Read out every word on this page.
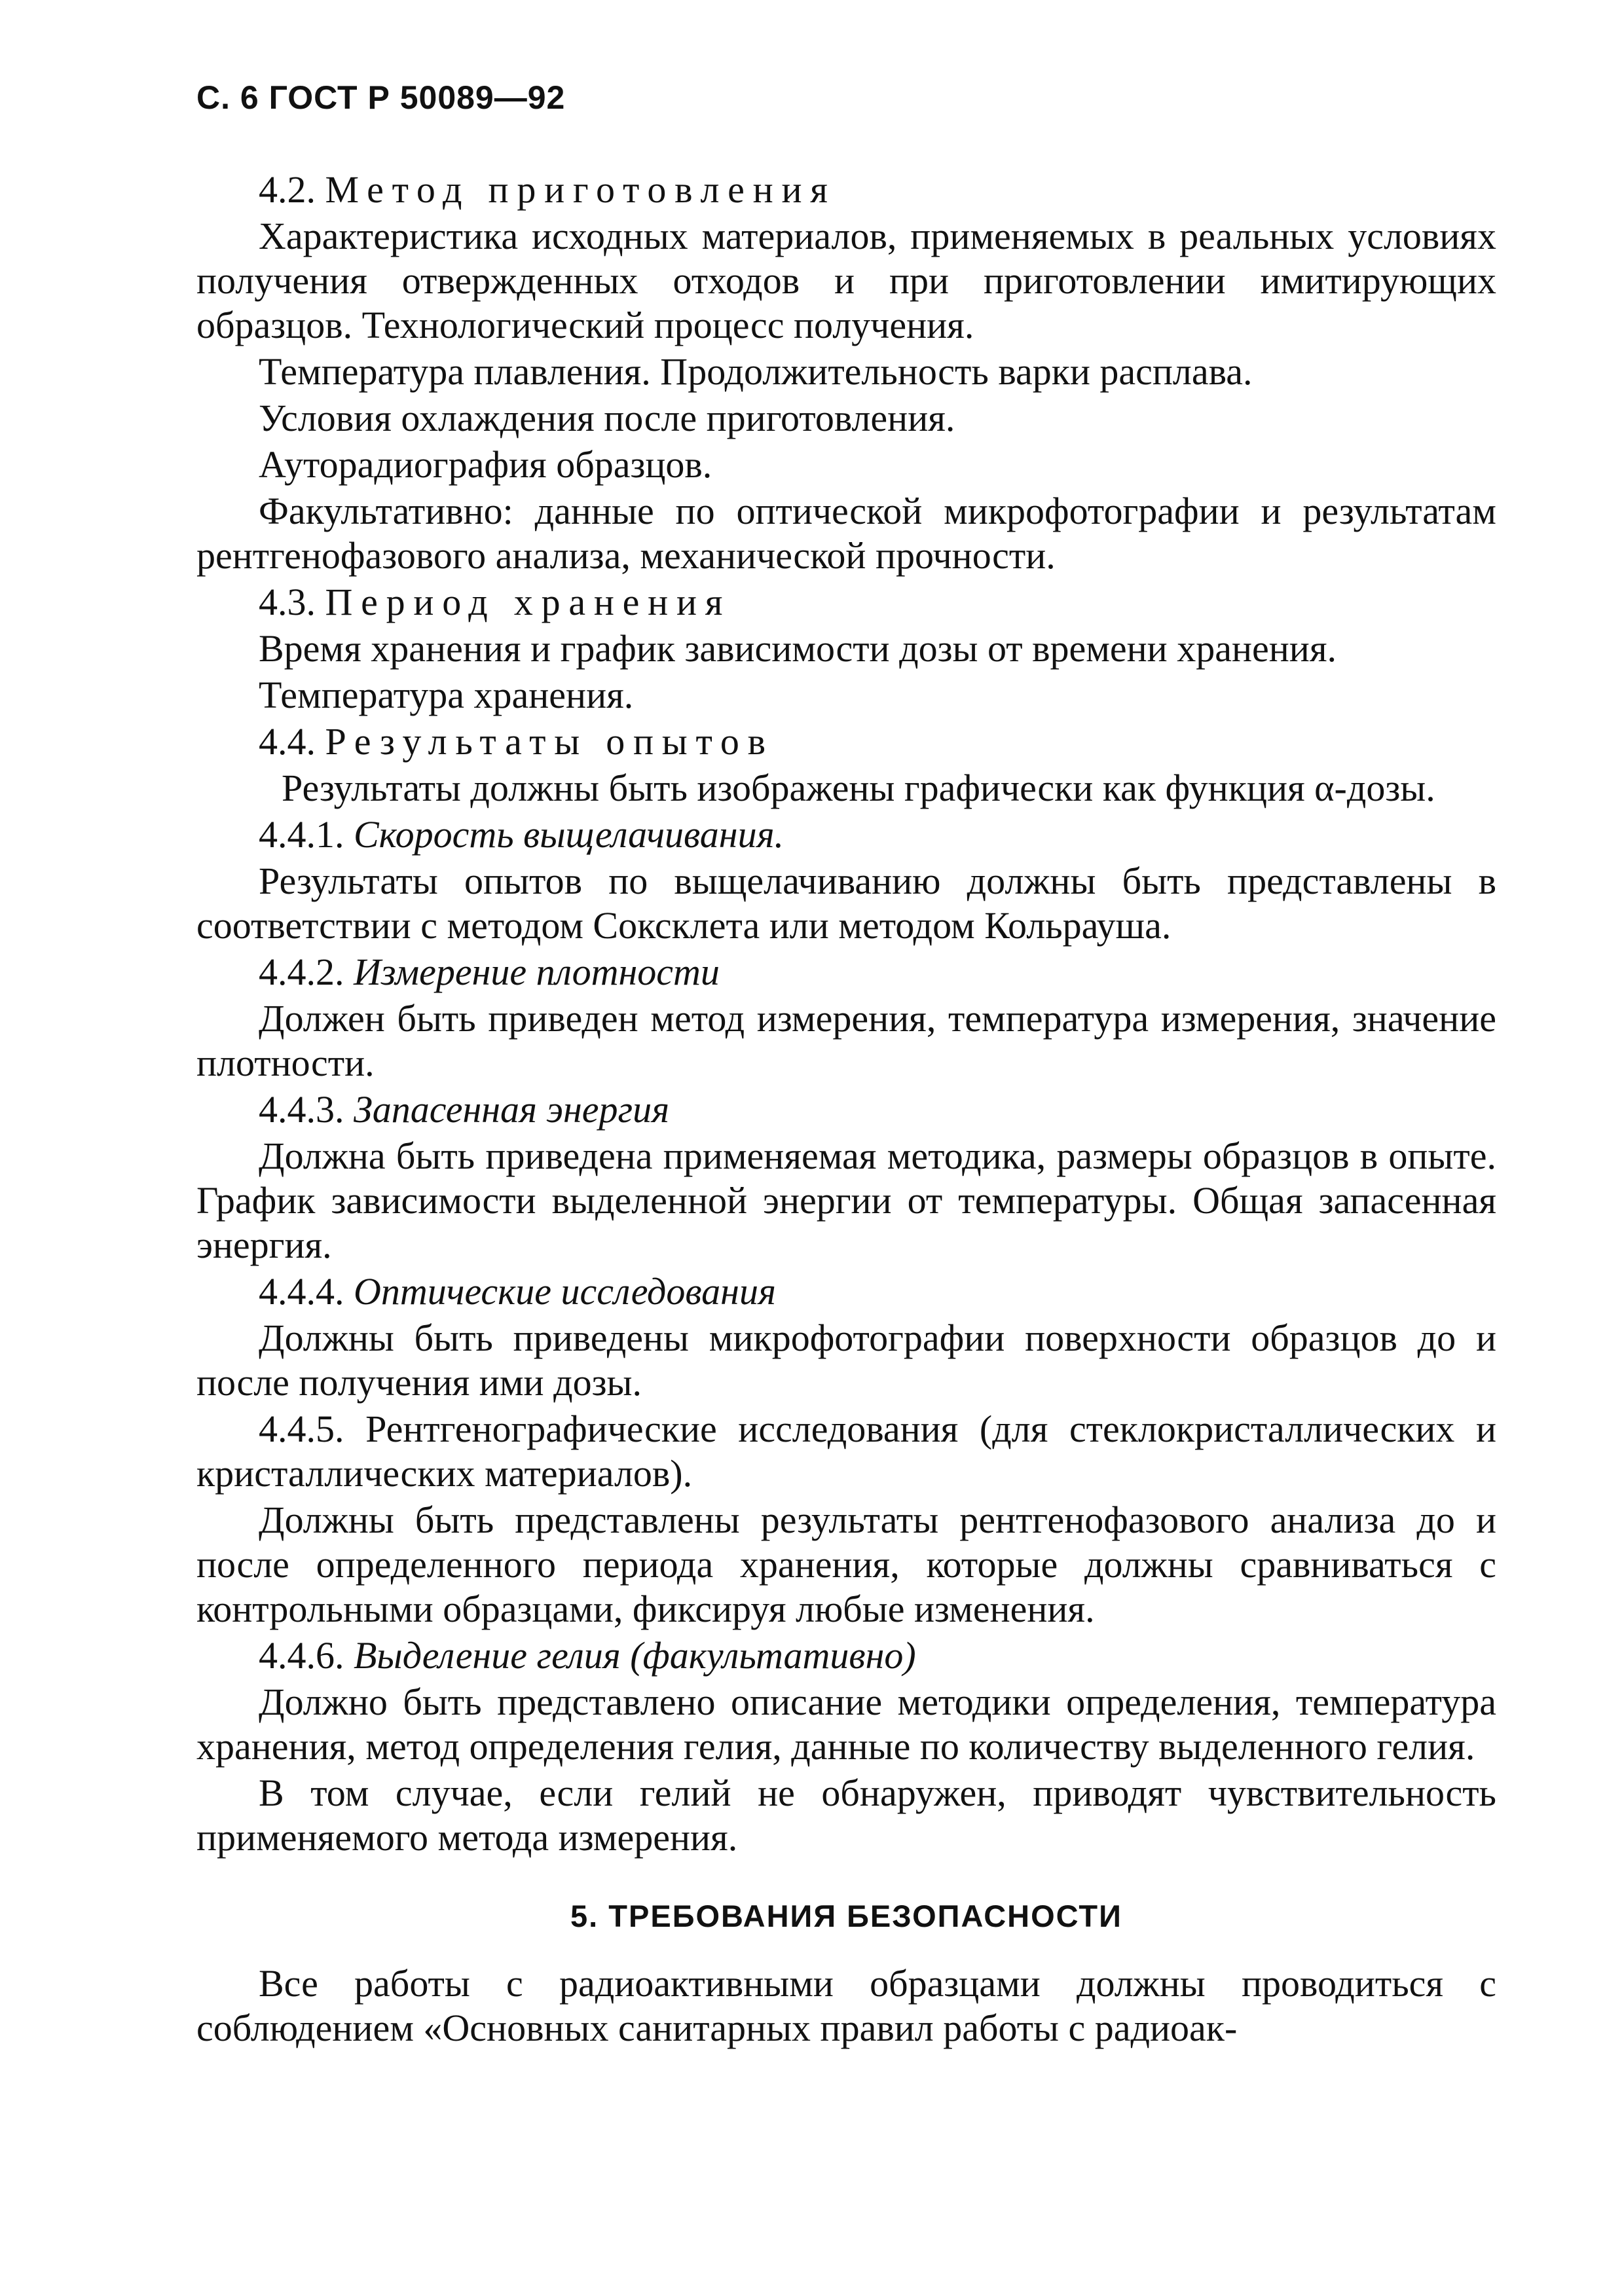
С. 6 ГОСТ Р 50089—92
4.2. Метод приготовления

Характеристика исходных материалов, применяемых в реальных условиях получения отвержденных отходов и при приготовлении имитирующих образцов. Технологический процесс получения.

Температура плавления. Продолжительность варки расплава.

Условия охлаждения после приготовления.

Ауторадиография образцов.

Факультативно: данные по оптической микрофотографии и результатам рентгенофазового анализа, механической прочности.

4.3. Период хранения

Время хранения и график зависимости дозы от времени хранения.

Температура хранения.

4.4. Результаты опытов

Результаты должны быть изображены графически как функция α-дозы.

4.4.1. Скорость выщелачивания.

Результаты опытов по выщелачиванию должны быть представлены в соответствии с методом Соксклета или методом Кольрауша.

4.4.2. Измерение плотности

Должен быть приведен метод измерения, температура измерения, значение плотности.

4.4.3. Запасенная энергия

Должна быть приведена применяемая методика, размеры образцов в опыте. График зависимости выделенной энергии от температуры. Общая запасенная энергия.

4.4.4. Оптические исследования

Должны быть приведены микрофотографии поверхности образцов до и после получения ими дозы.

4.4.5. Рентгенографические исследования (для стеклокристаллических и кристаллических материалов).

Должны быть представлены результаты рентгенофазового анализа до и после определенного периода хранения, которые должны сравниваться с контрольными образцами, фиксируя любые изменения.

4.4.6. Выделение гелия (факультативно)

Должно быть представлено описание методики определения, температура хранения, метод определения гелия, данные по количеству выделенного гелия.

В том случае, если гелий не обнаружен, приводят чувствительность применяемого метода измерения.

5. ТРЕБОВАНИЯ БЕЗОПАСНОСТИ

Все работы с радиоактивными образцами должны проводиться с соблюдением «Основных санитарных правил работы с радиоак-
